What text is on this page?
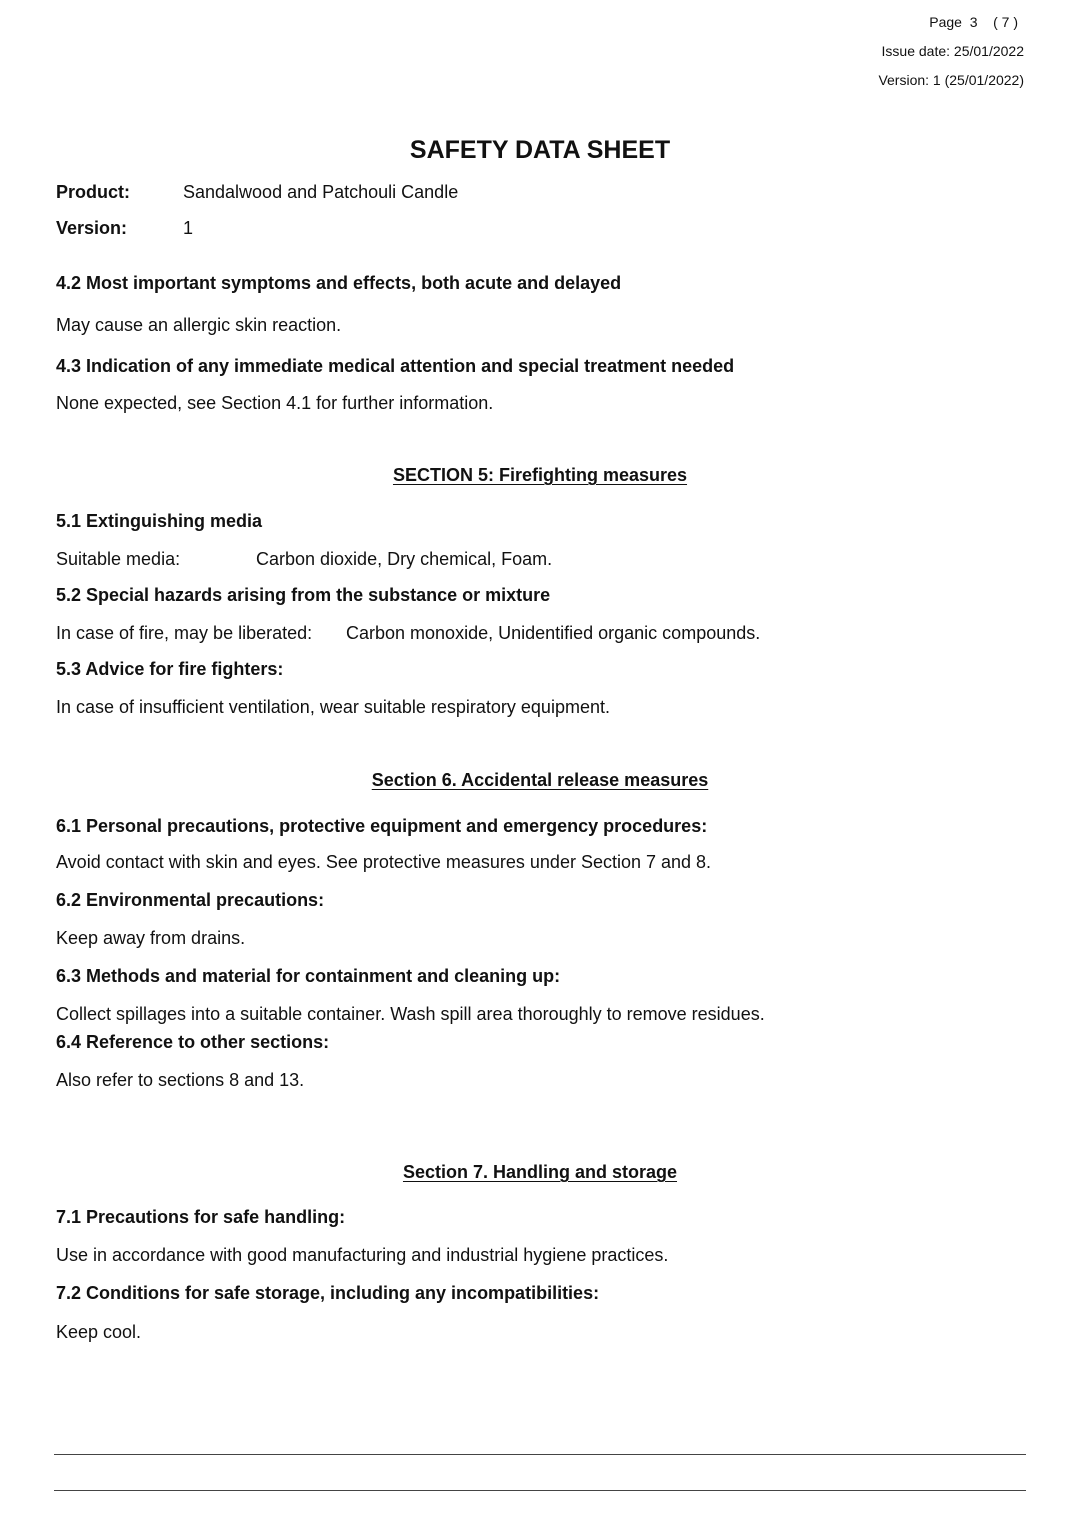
Page 3 ( 7 )
Issue date: 25/01/2022
Version: 1 (25/01/2022)
SAFETY DATA SHEET
Product:	Sandalwood and Patchouli Candle
Version:	1
4.2 Most important symptoms and effects, both acute and delayed
May cause an allergic skin reaction.
4.3 Indication of any immediate medical attention and special treatment needed
None expected, see Section 4.1 for further information.
SECTION 5: Firefighting measures
5.1 Extinguishing media
Suitable media:	Carbon dioxide, Dry chemical, Foam.
5.2 Special hazards arising from the substance or mixture
In case of fire, may be liberated: Carbon monoxide, Unidentified organic compounds.
5.3 Advice for fire fighters:
In case of insufficient ventilation, wear suitable respiratory equipment.
Section 6. Accidental release measures
6.1 Personal precautions, protective equipment and emergency procedures:
Avoid contact with skin and eyes. See protective measures under Section 7 and 8.
6.2 Environmental precautions:
Keep away from drains.
6.3 Methods and material for containment and cleaning up:
Collect spillages into a suitable container. Wash spill area thoroughly to remove residues.
6.4 Reference to other sections:
Also refer to sections 8 and 13.
Section 7. Handling and storage
7.1 Precautions for safe handling:
Use in accordance with good manufacturing and industrial hygiene practices.
7.2 Conditions for safe storage, including any incompatibilities:
Keep cool.
